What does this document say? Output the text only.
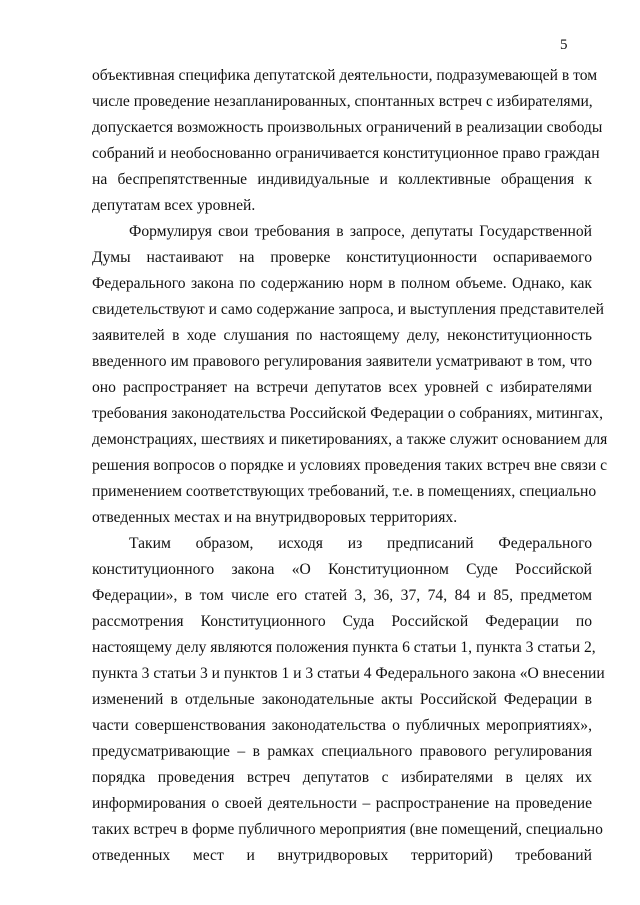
5
объективная специфика депутатской деятельности, подразумевающей в том
числе проведение незапланированных, спонтанных встреч с избирателями,
допускается возможность произвольных ограничений в реализации свободы
собраний и необоснованно ограничивается конституционное право граждан
на беспрепятственные индивидуальные и коллективные обращения к
депутатам всех уровней.
Формулируя свои требования в запросе, депутаты Государственной
Думы настаивают на проверке конституционности оспариваемого
Федерального закона по содержанию норм в полном объеме. Однако, как
свидетельствуют и само содержание запроса, и выступления представителей
заявителей в ходе слушания по настоящему делу, неконституционность
введенного им правового регулирования заявители усматривают в том, что
оно распространяет на встречи депутатов всех уровней с избирателями
требования законодательства Российской Федерации о собраниях, митингах,
демонстрациях, шествиях и пикетированиях, а также служит основанием для
решения вопросов о порядке и условиях проведения таких встреч вне связи с
применением соответствующих требований, т.е. в помещениях, специально
отведенных местах и на внутридворовых территориях.
Таким образом, исходя из предписаний Федерального
конституционного закона «О Конституционном Суде Российской
Федерации», в том числе его статей 3, 36, 37, 74, 84 и 85, предметом
рассмотрения Конституционного Суда Российской Федерации по
настоящему делу являются положения пункта 6 статьи 1, пункта 3 статьи 2,
пункта 3 статьи 3 и пунктов 1 и 3 статьи 4 Федерального закона «О внесении
изменений в отдельные законодательные акты Российской Федерации в
части совершенствования законодательства о публичных мероприятиях»,
предусматривающие – в рамках специального правового регулирования
порядка проведения встреч депутатов с избирателями в целях их
информирования о своей деятельности – распространение на проведение
таких встреч в форме публичного мероприятия (вне помещений, специально
отведенных мест и внутридворовых территорий) требований
